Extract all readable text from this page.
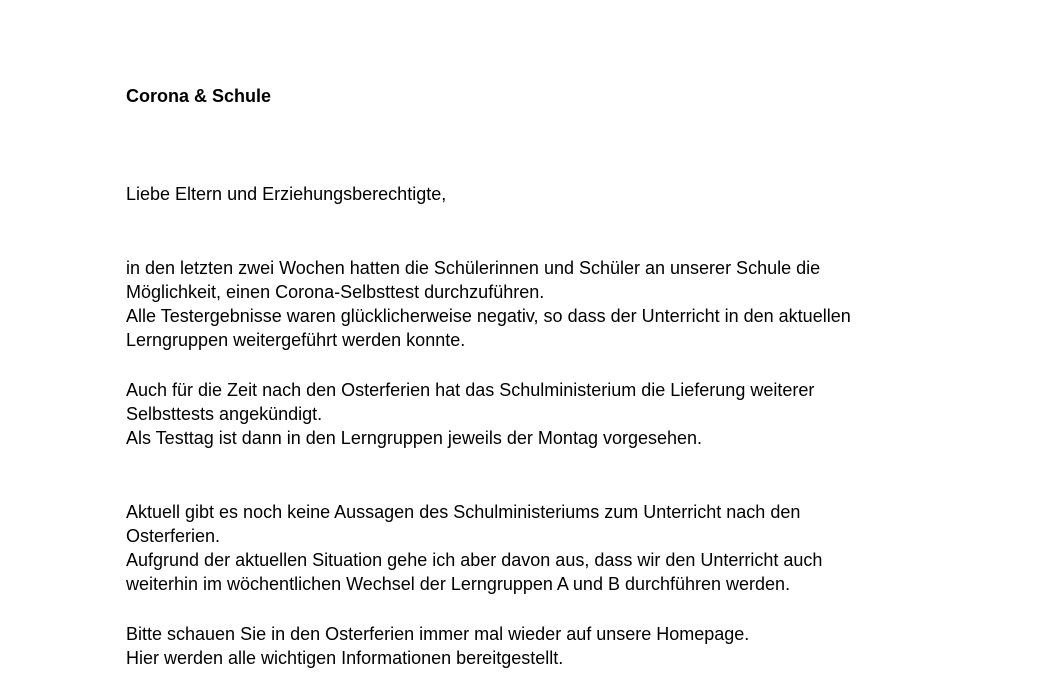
Corona & Schule
Liebe Eltern und Erziehungsberechtigte,
in den letzten zwei Wochen hatten die Schülerinnen und Schüler an unserer Schule die
Möglichkeit, einen Corona-Selbsttest durchzuführen.
Alle Testergebnisse waren glücklicherweise negativ, so dass der Unterricht in den aktuellen
Lerngruppen weitergeführt werden konnte.
Auch für die Zeit nach den Osterferien hat das Schulministerium die Lieferung weiterer
Selbsttests angekündigt.
Als Testtag ist dann in den Lerngruppen jeweils der Montag vorgesehen.
Aktuell gibt es noch keine Aussagen des Schulministeriums zum Unterricht nach den
Osterferien.
Aufgrund der aktuellen Situation gehe ich aber davon aus, dass wir den Unterricht auch
weiterhin im wöchentlichen Wechsel der Lerngruppen A und B durchführen werden.
Bitte schauen Sie in den Osterferien immer mal wieder auf unsere Homepage.
Hier werden alle wichtigen Informationen bereitgestellt.
